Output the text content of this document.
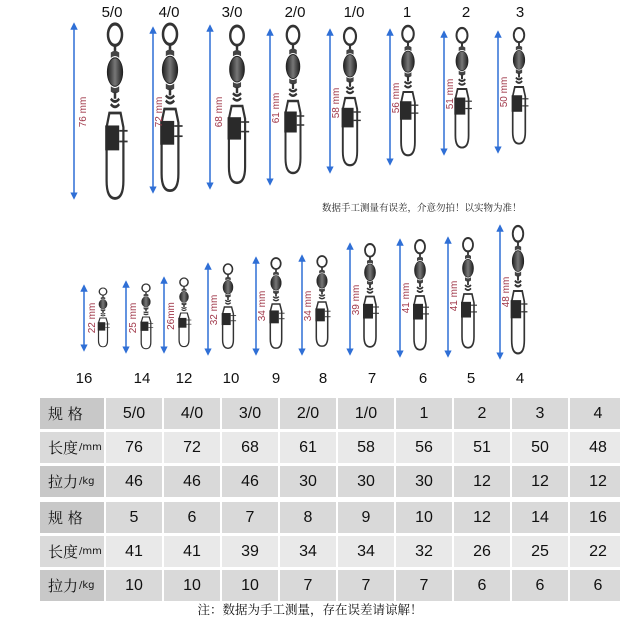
5/0	4/0	3/0	2/0	1/0	1	2	3
76 mm	72 mm	68 mm	61 mm	58 mm	56 mm	51 mm	50 mm
22 mm	25 mm	26mm	32 mm	34 mm	34 mm	39 mm	41 mm	41 mm	48 mm
数据手工测量有误差，介意勿拍！以实物为准！
16	14	12	10	9	8	7	6	5	4
规 格	5/0	4/0	3/0	2/0	1/0	1	2	3	4
长度 /mm	76	72	68	61	58	56	51	50	48
拉力 /kg	46	46	46	30	30	30	12	12	12
规 格	5	6	7	8	9	10	12	14	16
长度 /mm	41	41	39	34	34	32	26	25	22
拉力 /kg	10	10	10	7	7	7	6	6	6
注：数据为手工测量，存在误差请谅解！
